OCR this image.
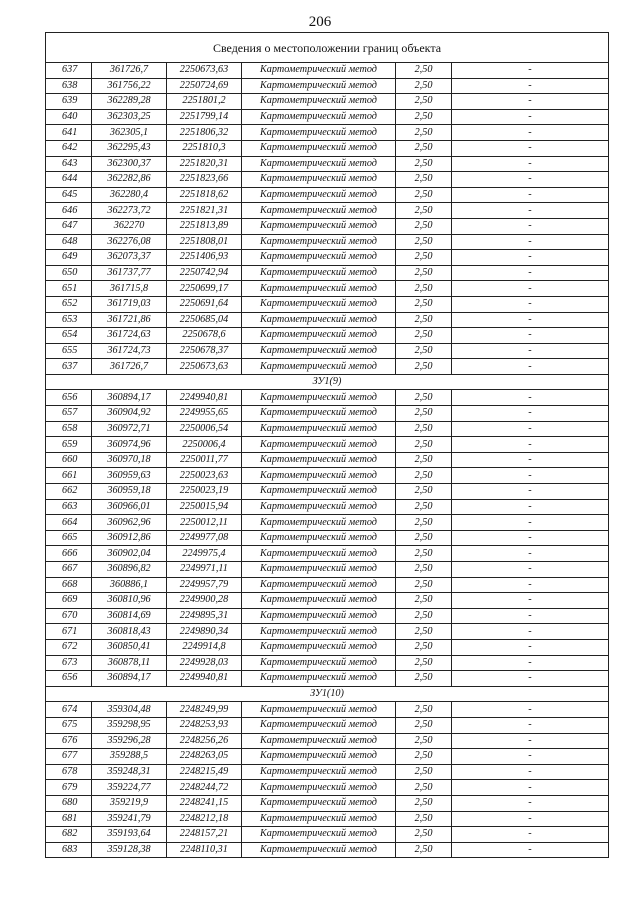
206
Сведения о местоположении границ объекта					
637	361726,7	2250673,63	Картометрический метод	2,50	-
638	361756,22	2250724,69	Картометрический метод	2,50	-
639	362289,28	2251801,2	Картометрический метод	2,50	-
640	362303,25	2251799,14	Картометрический метод	2,50	-
641	362305,1	2251806,32	Картометрический метод	2,50	-
642	362295,43	2251810,3	Картометрический метод	2,50	-
643	362300,37	2251820,31	Картометрический метод	2,50	-
644	362282,86	2251823,66	Картометрический метод	2,50	-
645	362280,4	2251818,62	Картометрический метод	2,50	-
646	362273,72	2251821,31	Картометрический метод	2,50	-
647	362270	2251813,89	Картометрический метод	2,50	-
648	362276,08	2251808,01	Картометрический метод	2,50	-
649	362073,37	2251406,93	Картометрический метод	2,50	-
650	361737,77	2250742,94	Картометрический метод	2,50	-
651	361715,8	2250699,17	Картометрический метод	2,50	-
652	361719,03	2250691,64	Картометрический метод	2,50	-
653	361721,86	2250685,04	Картометрический метод	2,50	-
654	361724,63	2250678,6	Картометрический метод	2,50	-
655	361724,73	2250678,37	Картометрический метод	2,50	-
637	361726,7	2250673,63	Картометрический метод	2,50	-
ЗУ1(9)					
656	360894,17	2249940,81	Картометрический метод	2,50	-
657	360904,92	2249955,65	Картометрический метод	2,50	-
658	360972,71	2250006,54	Картометрический метод	2,50	-
659	360974,96	2250006,4	Картометрический метод	2,50	-
660	360970,18	2250011,77	Картометрический метод	2,50	-
661	360959,63	2250023,63	Картометрический метод	2,50	-
662	360959,18	2250023,19	Картометрический метод	2,50	-
663	360966,01	2250015,94	Картометрический метод	2,50	-
664	360962,96	2250012,11	Картометрический метод	2,50	-
665	360912,86	2249977,08	Картометрический метод	2,50	-
666	360902,04	2249975,4	Картометрический метод	2,50	-
667	360896,82	2249971,11	Картометрический метод	2,50	-
668	360886,1	2249957,79	Картометрический метод	2,50	-
669	360810,96	2249900,28	Картометрический метод	2,50	-
670	360814,69	2249895,31	Картометрический метод	2,50	-
671	360818,43	2249890,34	Картометрический метод	2,50	-
672	360850,41	2249914,8	Картометрический метод	2,50	-
673	360878,11	2249928,03	Картометрический метод	2,50	-
656	360894,17	2249940,81	Картометрический метод	2,50	-
ЗУ1(10)					
674	359304,48	2248249,99	Картометрический метод	2,50	-
675	359298,95	2248253,93	Картометрический метод	2,50	-
676	359296,28	2248256,26	Картометрический метод	2,50	-
677	359288,5	2248263,05	Картометрический метод	2,50	-
678	359248,31	2248215,49	Картометрический метод	2,50	-
679	359224,77	2248244,72	Картометрический метод	2,50	-
680	359219,9	2248241,15	Картометрический метод	2,50	-
681	359241,79	2248212,18	Картометрический метод	2,50	-
682	359193,64	2248157,21	Картометрический метод	2,50	-
683	359128,38	2248110,31	Картометрический метод	2,50	-
